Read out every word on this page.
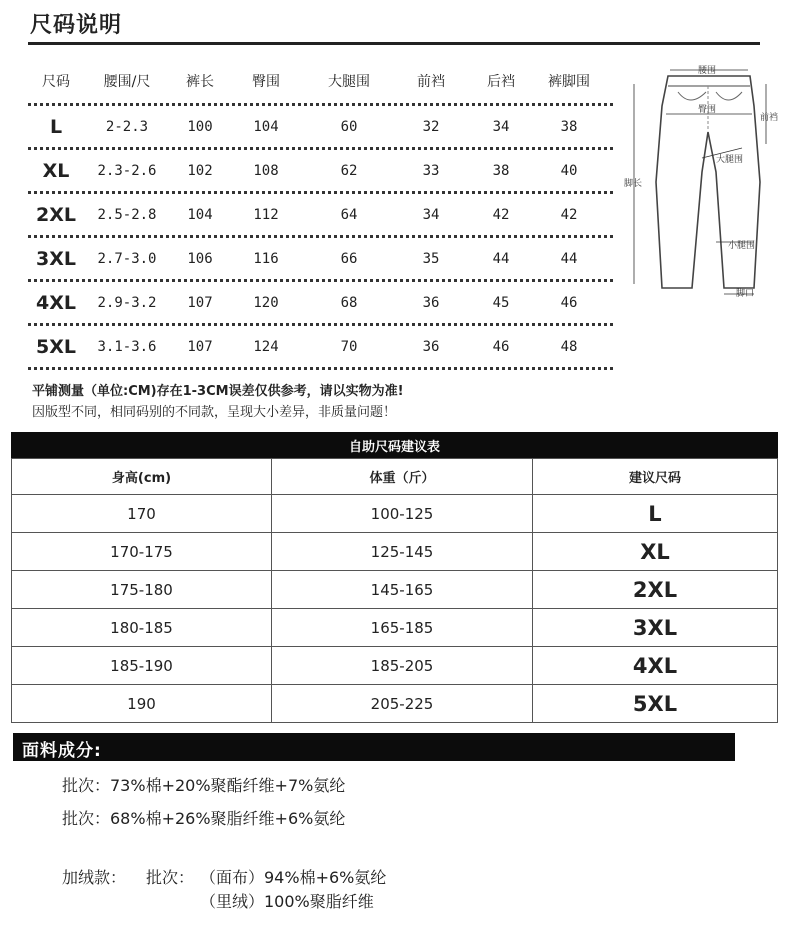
尺码说明
尺码	腰围/尺	裤长	臀围	大腿围	前裆	后裆	裤脚围
L	2-2.3	100	104	60	32	34	38
XL	2.3-2.6	102	108	62	33	38	40
2XL	2.5-2.8	104	112	64	34	42	42
3XL	2.7-3.0	106	116	66	35	44	44
4XL	2.9-3.2	107	120	68	36	45	46
5XL	3.1-3.6	107	124	70	36	46	48
腰围
臀围
前裆
大腿围
脚长
小腿围
脚口
平铺测量（单位:CM)存在1-3CM误差仅供参考，请以实物为准!
因版型不同，相同码别的不同款，呈现大小差异，非质量问题！
自助尺码建议表
身高(cm)	体重（斤）	建议尺码
170	100-125	L
170-175	125-145	XL
175-180	145-165	2XL
180-185	165-185	3XL
185-190	185-205	4XL
190	205-225	5XL
面料成分:
批次：73%棉+20%聚酯纤维+7%氨纶
批次：68%棉+26%聚脂纤维+6%氨纶
加绒款： 批次： （面布）94%棉+6%氨纶
（里绒）100%聚脂纤维
